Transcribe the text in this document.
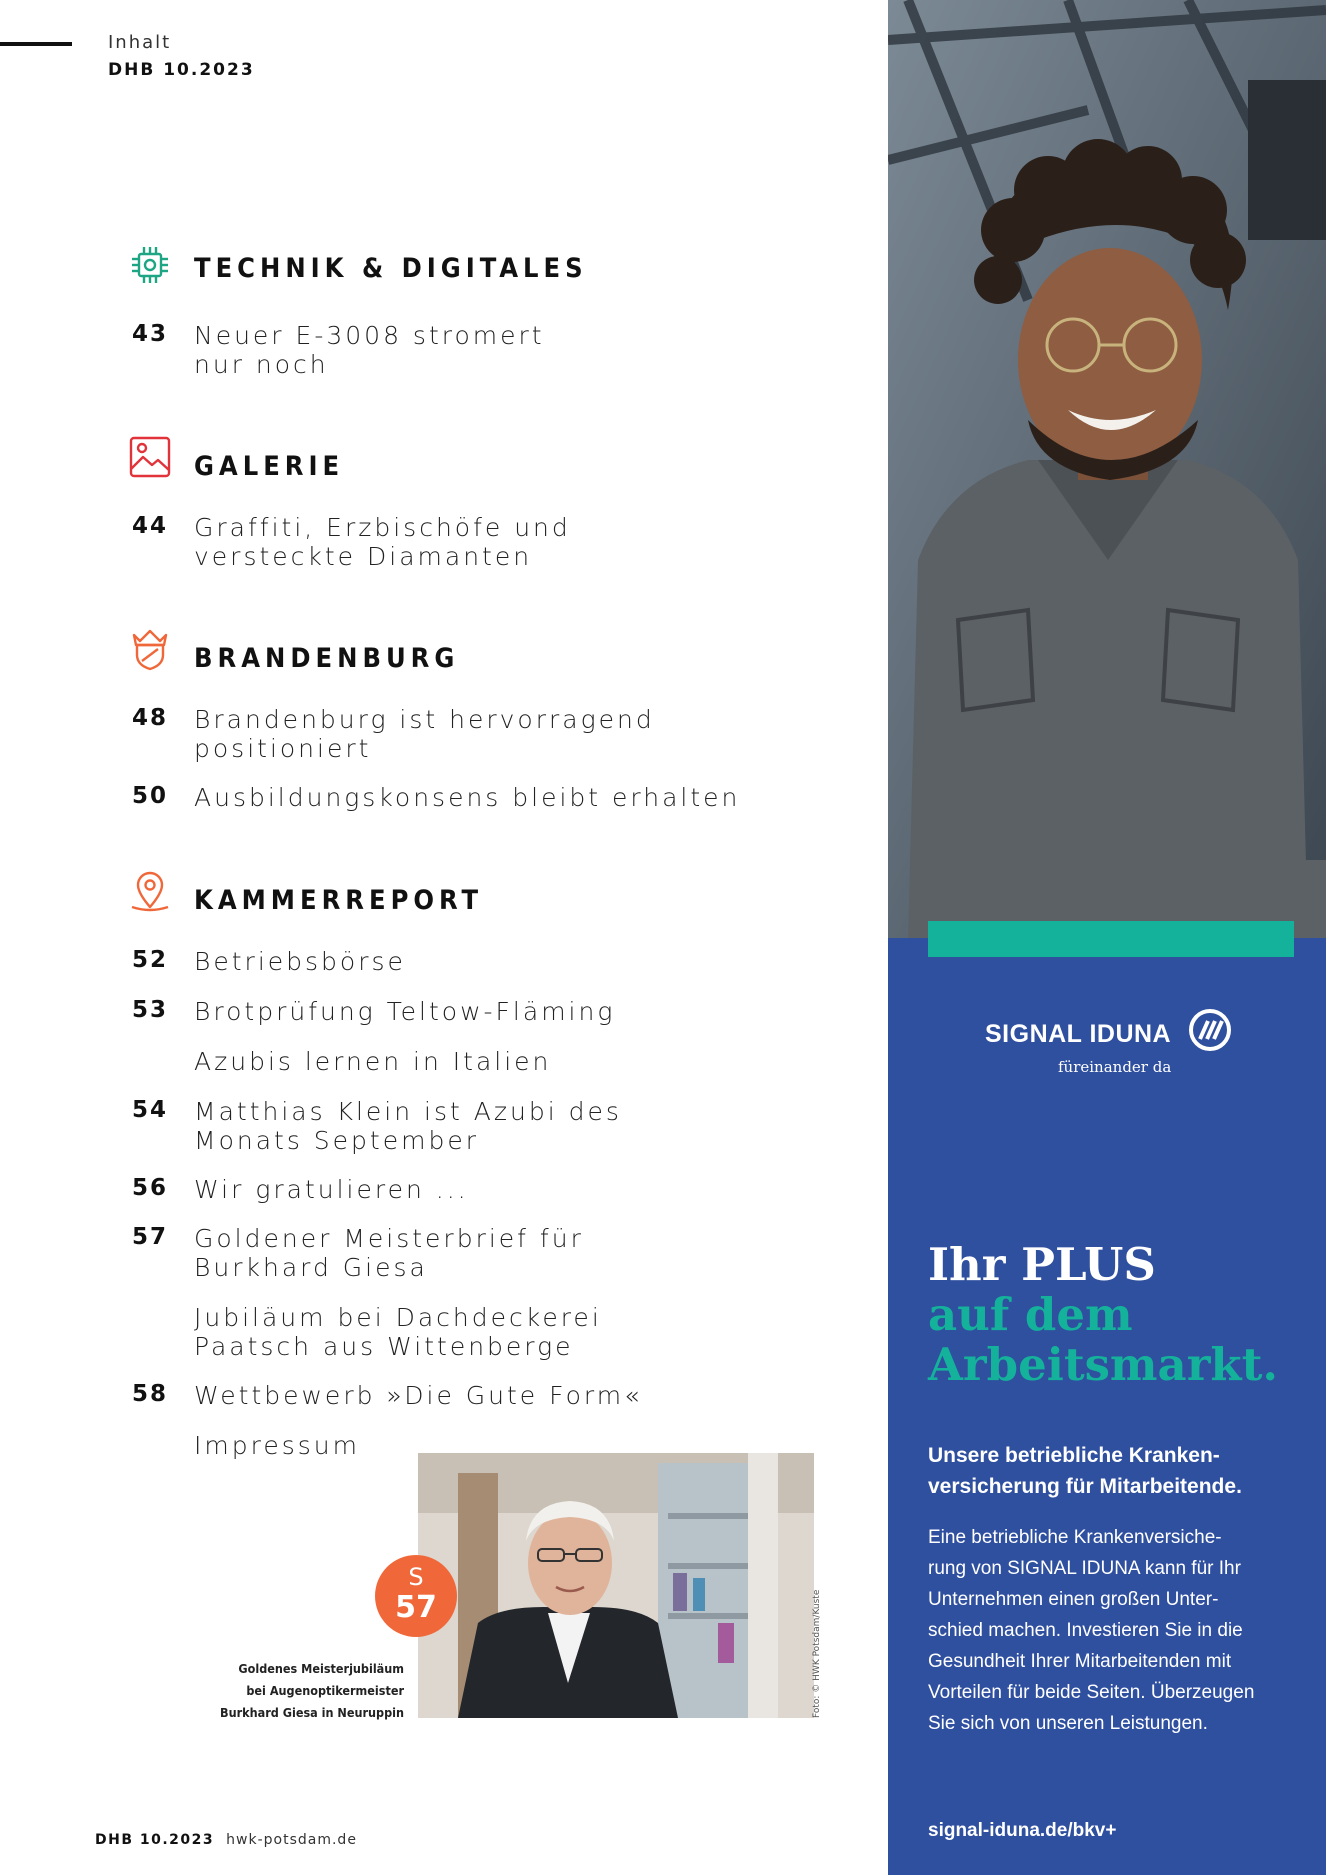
Inhalt
DHB 10.2023
TECHNIK & DIGITALES
43 Neuer E-3008 stromert
nur noch
GALERIE
44 Graffiti, Erzbischöfe und
versteckte Diamanten
BRANDENBURG
48 Brandenburg ist hervorragend
positioniert
50 Ausbildungskonsens bleibt erhalten
KAMMERREPORT
52 Betriebsbörse
53 Brotprüfung Teltow-Fläming
Azubis lernen in Italien
54 Matthias Klein ist Azubi des
Monats September
56 Wir gratulieren ...
57 Goldener Meisterbrief für
Burkhard Giesa
Jubiläum bei Dachdeckerei
Paatsch aus Wittenberge
58 Wettbewerb »Die Gute Form«
Impressum
Foto: © HWK Potsdam/Kuste
S
57
Goldenes Meisterjubiläum
bei Augenoptikermeister
Burkhard Giesa in Neuruppin
DHB 10.2023 hwk-potsdam.de
SIGNAL IDUNA
füreinander da
Ihr PLUS
auf dem
Arbeitsmarkt.
Unsere betriebliche Kranken-
versicherung für Mitarbeitende.
Eine betriebliche Krankenversiche-
rung von SIGNAL IDUNA kann für Ihr
Unternehmen einen großen Unter-
schied machen. Investieren Sie in die
Gesundheit Ihrer Mitarbeitenden mit
Vorteilen für beide Seiten. Überzeugen
Sie sich von unseren Leistungen.
signal-iduna.de/bkv+
